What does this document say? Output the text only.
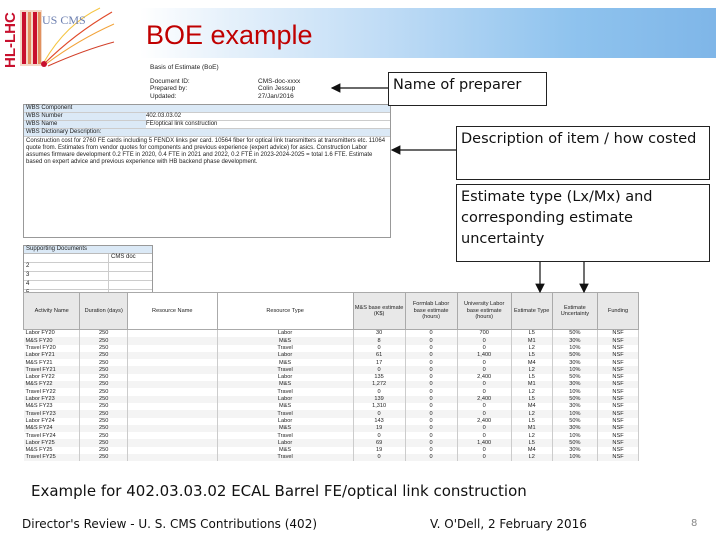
HL-LHC US CMS BOE example
Basis of Estimate (BoE)
Document ID:	CMS-doc-xxxx
Prepared by:	Colin Jessup
Updated:	27/Jan/2016
WBS Component
WBS Number	402.03.03.02
WBS Name	FE/optical link construction
WBS Dictionary Description:
Construction cost for 2760 FE cards including 5 FENDX links per card. 10564 fiber for optical link transmitters at transmitters etc. 11064 quote from. Estimates from vendor quotes for components and previous experience (expert advice) for asics. Construction Labor assumes firmware development 0.2 FTE in 2020, 0.4 FTE in 2021 and 2022, 0.2 FTE in 2023-2024-2025 = total 1.6 FTE. Estimate based on expert advice and previous experience with HB backend phase development.
Supporting Documents
CMS doc
2
3
4
Activity Name	Duration (days)	Resource Name	Resource Type	M&S base estimate (K$)	Formlab Labor base estimate (hours)	University Labor base estimate (hours)	Estimate Type	Estimate Uncertainty	Funding
Labor FY20	250		Labor	30	0	700	L5	50%	NSF
M&S FY20	250		M&S	8	0	0	M1	30%	NSF
Travel FY20	250		Travel	0	0	0	L2	10%	NSF
Labor FY21	250		Labor	61	0	1,400	L5	50%	NSF
M&S FY21	250		M&S	17	0	0	M4	30%	NSF
Travel FY21	250		Travel	0	0	0	L2	10%	NSF
Labor FY22	250		Labor	135	0	2,400	L5	50%	NSF
M&S FY22	250		M&S	1,272	0	0	M1	30%	NSF
Travel FY22	250		Travel	0	0	0	L2	10%	NSF
Labor FY23	250		Labor	139	0	2,400	L5	50%	NSF
M&S FY23	250		M&S	1,310	0	0	M4	30%	NSF
Travel FY23	250		Travel	0	0	0	L2	10%	NSF
Labor FY24	250		Labor	143	0	2,400	L5	50%	NSF
M&S FY24	250		M&S	19	0	0	M1	30%	NSF
Travel FY24	250		Travel	0	0	0	L2	10%	NSF
Labor FY25	250		Labor	69	0	1,400	L5	50%	NSF
M&S FY25	250		M&S	19	0	0	M4	30%	NSF
Travel FY25	250		Travel	0	0	0	L2	10%	NSF
Name of preparer
Description of item / how costed
Estimate type (Lx/Mx) and corresponding estimate uncertainty
Example for 402.03.03.02 ECAL Barrel FE/optical link construction
Director's Review - U. S. CMS Contributions (402)	V. O'Dell, 2 February 2016	8
